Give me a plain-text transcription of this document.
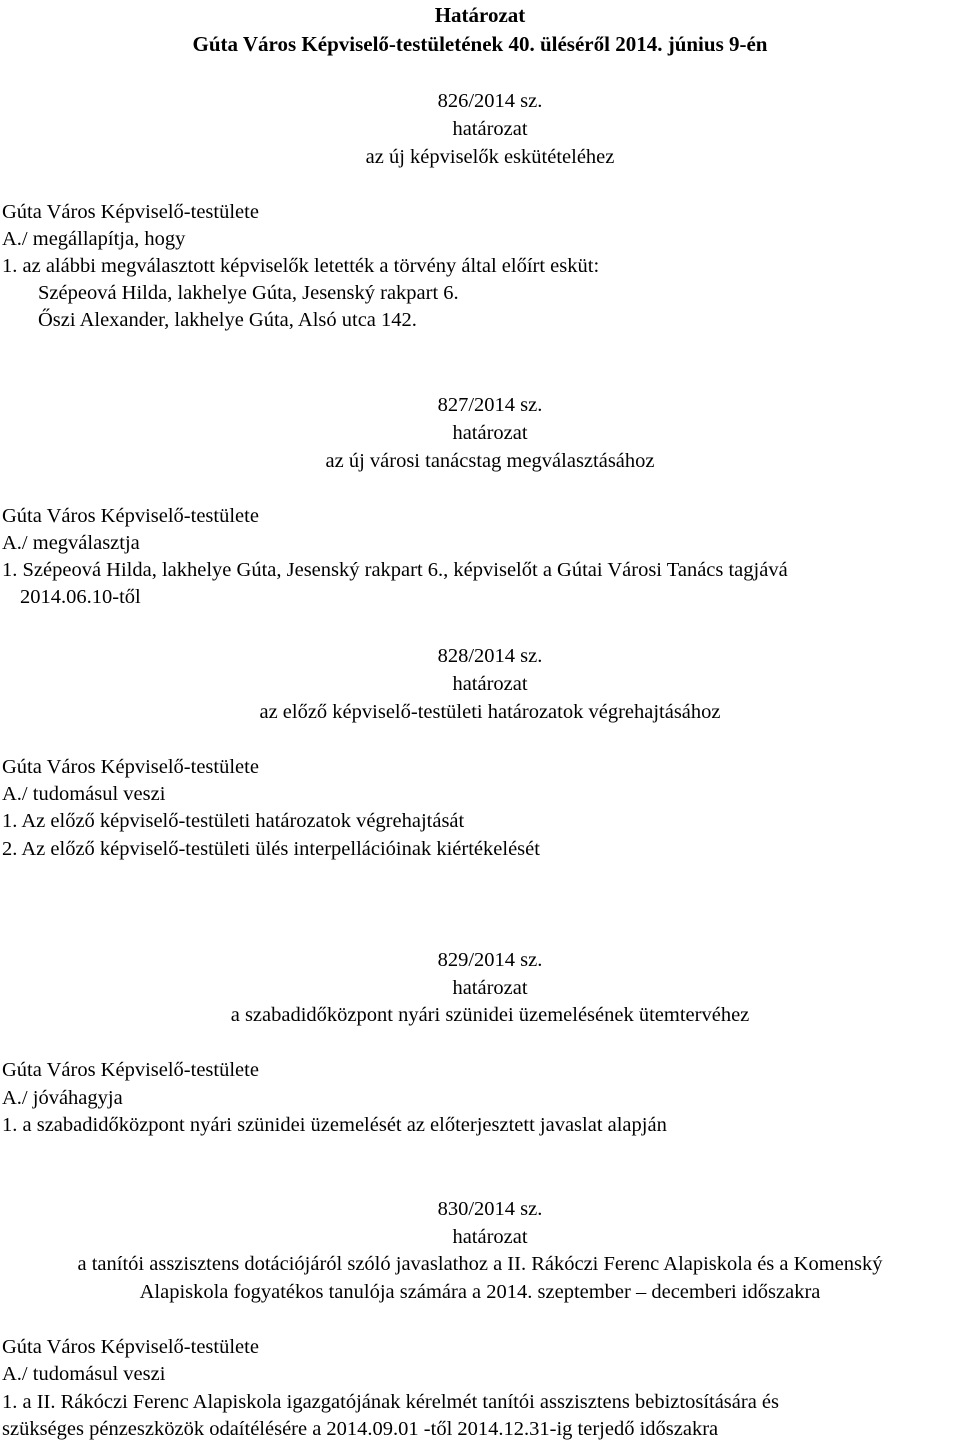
Határozat
Gúta Város Képviselő-testületének 40. üléséről 2014. június 9-én
826/2014 sz.
határozat
az új képviselők eskütételéhez
Gúta Város Képviselő-testülete
A./ megállapítja, hogy
1. az alábbi megválasztott képviselők letették a törvény által előírt esküt:
Szépeová Hilda, lakhelye Gúta, Jesenský rakpart 6.
Őszi Alexander, lakhelye Gúta, Alsó utca 142.
827/2014 sz.
határozat
az új városi tanácstag megválasztásához
Gúta Város Képviselő-testülete
A./ megválasztja
1. Szépeová Hilda, lakhelye Gúta, Jesenský rakpart 6., képviselőt a Gútai Városi Tanács tagjává
2014.06.10-től
828/2014 sz.
határozat
az előző képviselő-testületi határozatok végrehajtásához
Gúta Város Képviselő-testülete
A./ tudomásul veszi
1. Az előző képviselő-testületi határozatok végrehajtását
2. Az előző képviselő-testületi ülés interpellációinak kiértékelését
829/2014 sz.
határozat
a szabadidőközpont nyári szünidei üzemelésének ütemtervéhez
Gúta Város Képviselő-testülete
A./ jóváhagyja
1. a szabadidőközpont nyári szünidei üzemelését az előterjesztett javaslat alapján
830/2014 sz.
határozat
a tanítói asszisztens dotációjáról szóló javaslathoz a II. Rákóczi Ferenc Alapiskola és a Komenský
Alapiskola fogyatékos tanulója számára a 2014. szeptember – decemberi időszakra
Gúta Város Képviselő-testülete
A./ tudomásul veszi
1. a II. Rákóczi Ferenc Alapiskola igazgatójának kérelmét tanítói asszisztens bebiztosítására és
szükséges pénzeszközök odaítélésére a 2014.09.01 -től 2014.12.31-ig terjedő időszakra
